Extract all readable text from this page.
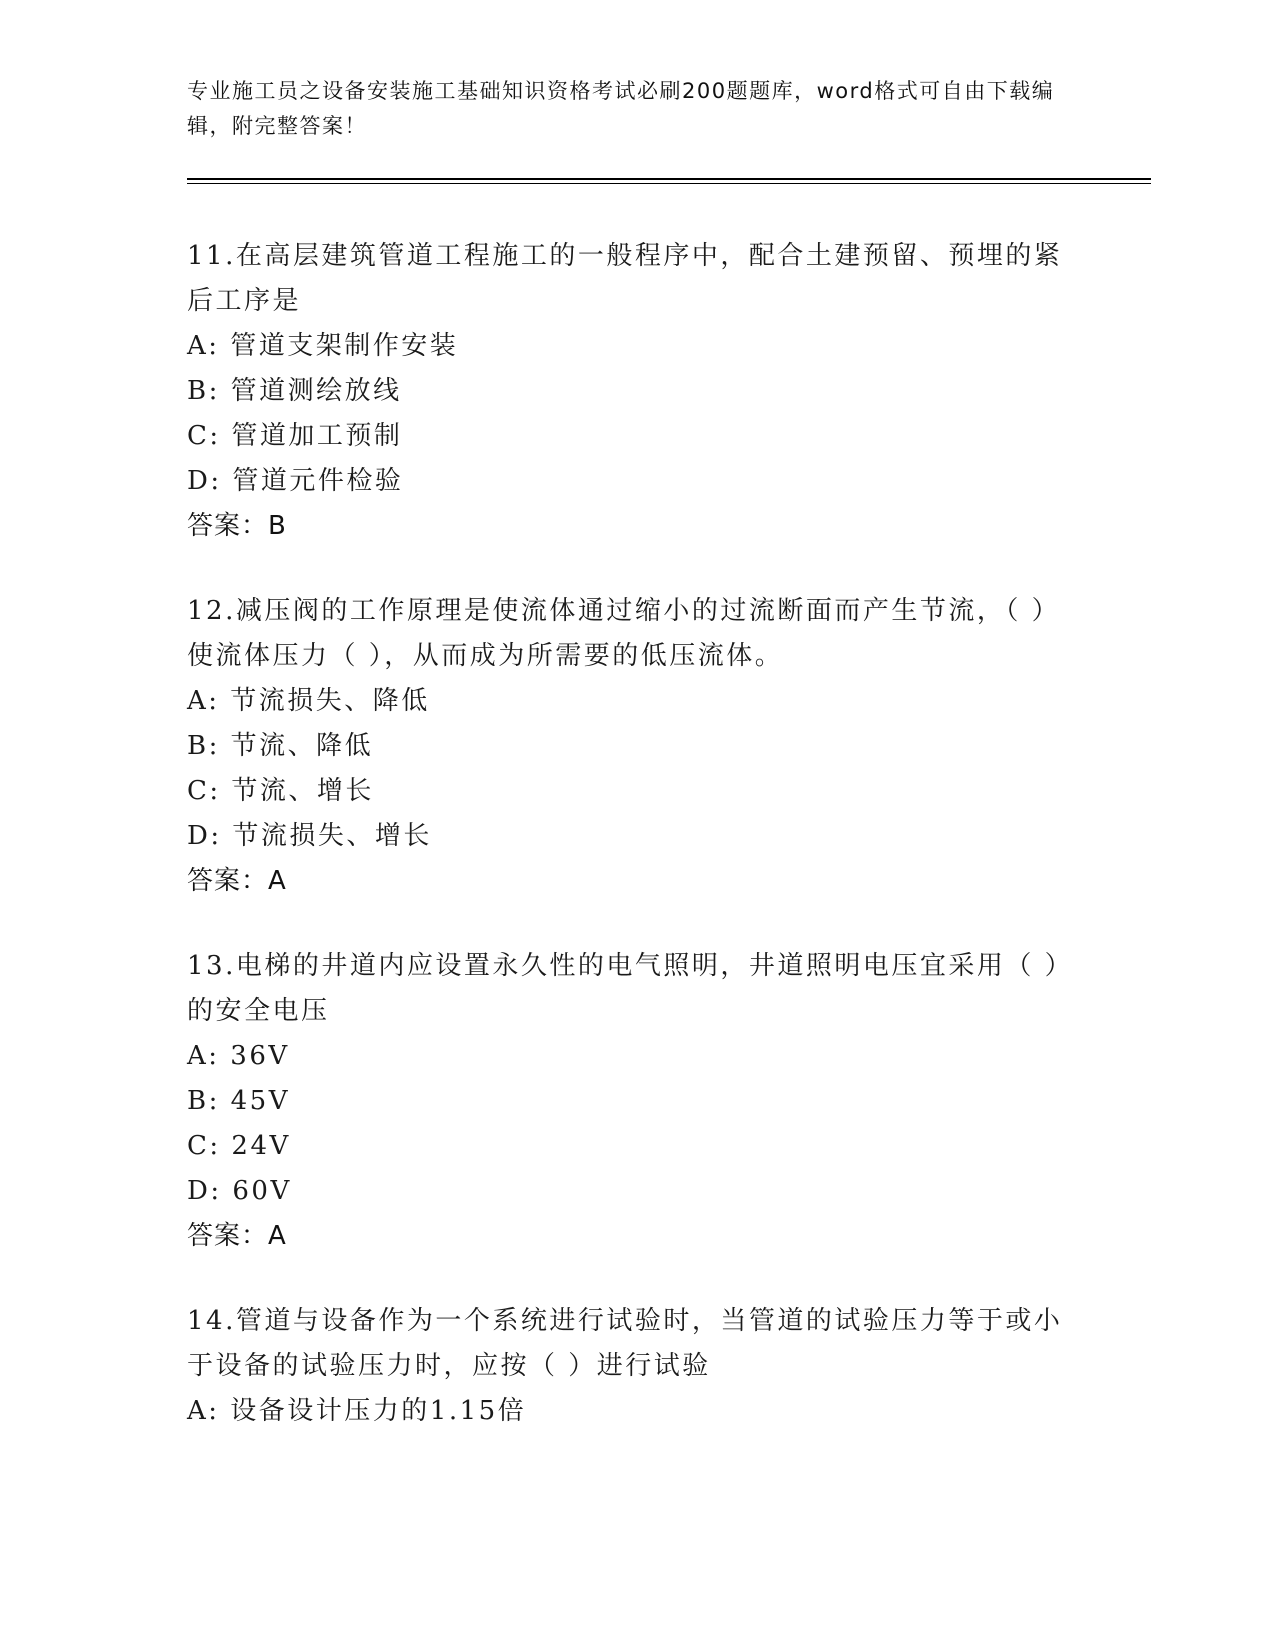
专业施工员之设备安装施工基础知识资格考试必刷200题题库，word格式可自由下载编辑，附完整答案！

11.在高层建筑管道工程施工的一般程序中，配合土建预留、预埋的紧后工序是

A: 管道支架制作安装

B: 管道测绘放线

C: 管道加工预制

D: 管道元件检验

答案：B

12.减压阀的工作原理是使流体通过缩小的过流断面而产生节流，（ ）使流体压力（ ），从而成为所需要的低压流体。

A: 节流损失、降低

B: 节流、降低

C: 节流、增长

D: 节流损失、增长

答案：A

13.电梯的井道内应设置永久性的电气照明，井道照明电压宜采用（ ）的安全电压

A: 36V

B: 45V

C: 24V

D: 60V

答案：A

14.管道与设备作为一个系统进行试验时，当管道的试验压力等于或小于设备的试验压力时，应按（ ）进行试验

A: 设备设计压力的1.15倍
